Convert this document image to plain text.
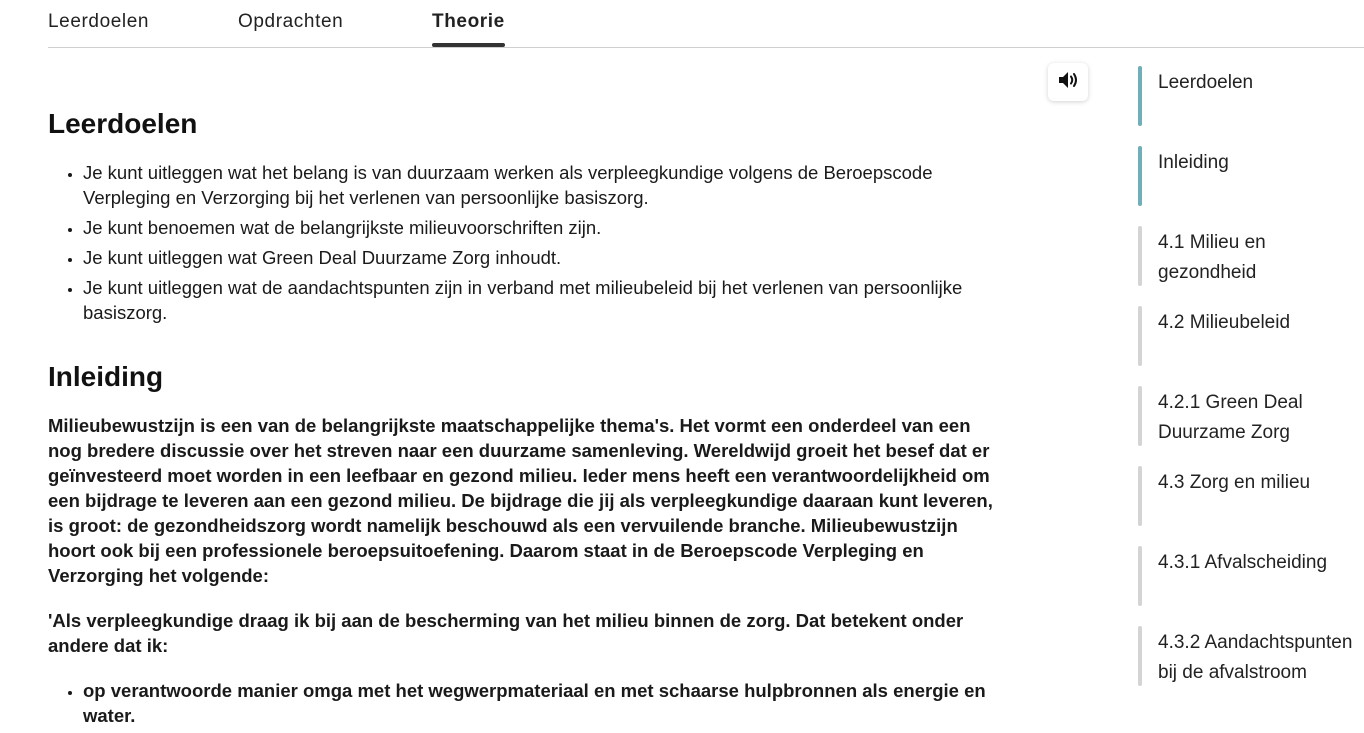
Leerdoelen	Opdrachten	Theorie
Leerdoelen
• Je kunt uitleggen wat het belang is van duurzaam werken als verpleegkundige volgens de Beroepscode Verpleging en Verzorging bij het verlenen van persoonlijke basiszorg.
• Je kunt benoemen wat de belangrijkste milieuvoorschriften zijn.
• Je kunt uitleggen wat Green Deal Duurzame Zorg inhoudt.
• Je kunt uitleggen wat de aandachtspunten zijn in verband met milieubeleid bij het verlenen van persoonlijke basiszorg.
Inleiding

Milieubewustzijn is een van de belangrijkste maatschappelijke thema's. Het vormt een onderdeel van een nog bredere discussie over het streven naar een duurzame samenleving. Wereldwijd groeit het besef dat er geïnvesteerd moet worden in een leefbaar en gezond milieu. Ieder mens heeft een verantwoordelijkheid om een bijdrage te leveren aan een gezond milieu. De bijdrage die jij als verpleegkundige daaraan kunt leveren, is groot: de gezondheidszorg wordt namelijk beschouwd als een vervuilende branche. Milieubewustzijn hoort ook bij een professionele beroepsuitoefening. Daarom staat in de Beroepscode Verpleging en Verzorging het volgende:

'Als verpleegkundige draag ik bij aan de bescherming van het milieu binnen de zorg. Dat betekent onder andere dat ik:

• op verantwoorde manier omga met het wegwerpmateriaal en met schaarse hulpbronnen als energie en water.
Leerdoelen
Inleiding
4.1 Milieu en gezondheid
4.2 Milieubeleid
4.2.1 Green Deal Duurzame Zorg
4.3 Zorg en milieu
4.3.1 Afvalscheiding
4.3.2 Aandachtspunten bij de afvalstroom
